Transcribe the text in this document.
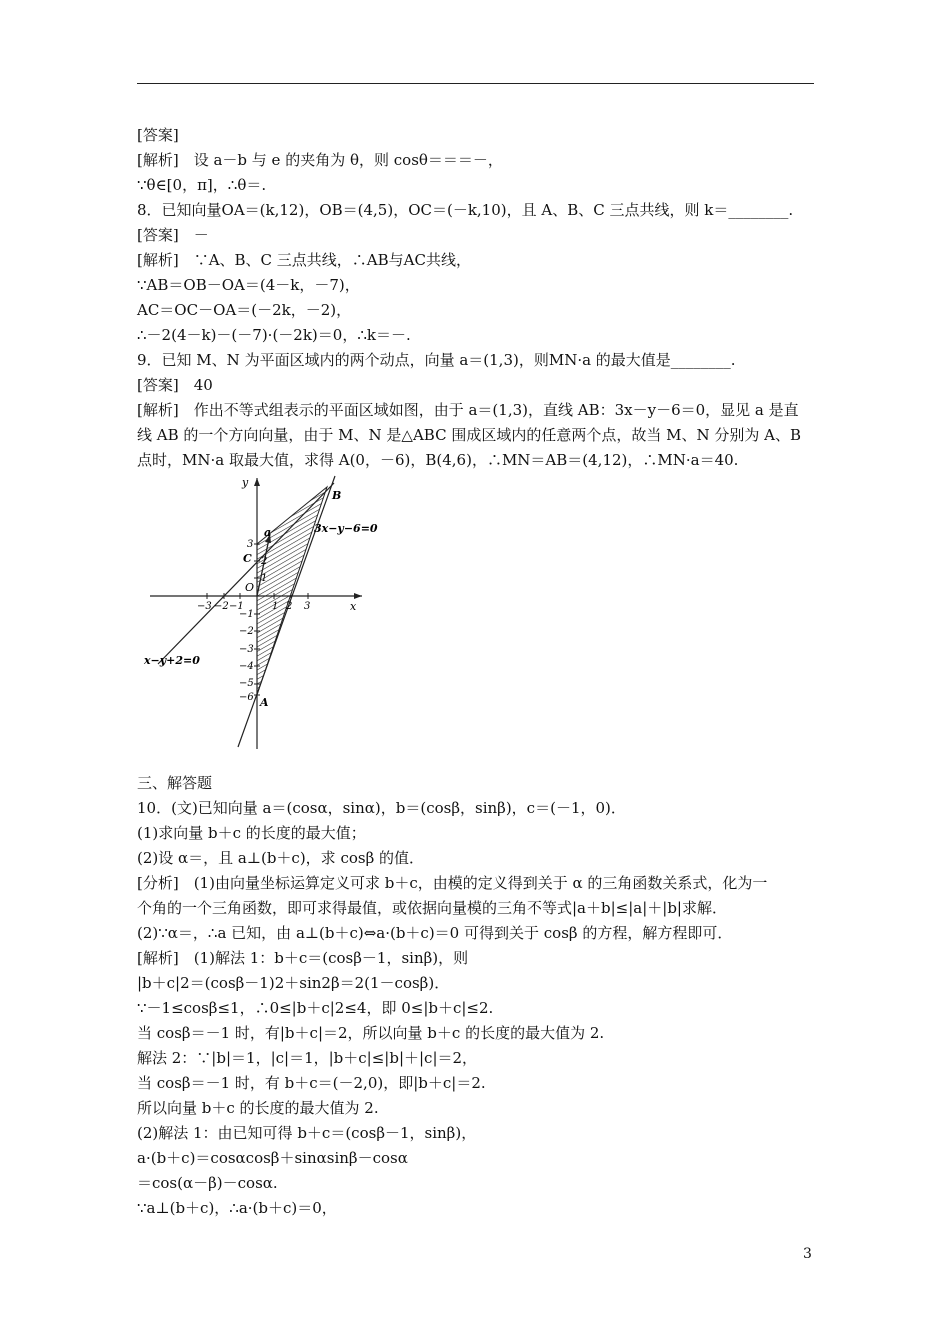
[答案]
[解析]　设 a－b 与 e 的夹角为 θ，则 cosθ＝＝＝－，
∵θ∈[0，π]，∴θ＝.
8．已知向量OA＝(k,12)，OB＝(4,5)，OC＝(－k,10)，且 A、B、C 三点共线，则 k＝________.
[答案]　－
[解析]　∵A、B、C 三点共线，∴AB与AC共线，
∵AB＝OB－OA＝(4－k，－7)，
AC＝OC－OA＝(－2k，－2)，
∴－2(4－k)－(－7)·(－2k)＝0，∴k＝－.
9．已知 M、N 为平面区域内的两个动点，向量 a＝(1,3)，则MN·a 的最大值是________.
[答案]　40
[解析]　作出不等式组表示的平面区域如图，由于 a＝(1,3)，直线 AB：3x－y－6＝0，显见 a 是直
线 AB 的一个方向向量，由于 M、N 是△ABC 围成区域内的任意两个点，故当 M、N 分别为 A、B
点时，MN·a 取最大值，求得 A(0，－6)，B(4,6)，∴MN＝AB＝(4,12)，∴MN·a＝40.
y
x
O
B
C
A
a	3x−y−6=0
x−y+2=0
−3 −2 −1	1 2 3
3
2
1
−1
−2
−3
−4
−5
−6
三、解答题
10．(文)已知向量 a＝(cosα，sinα)，b＝(cosβ，sinβ)，c＝(－1，0)．
(1)求向量 b＋c 的长度的最大值；
(2)设 α＝，且 a⊥(b＋c)，求 cosβ 的值．
[分析]　(1)由向量坐标运算定义可求 b＋c，由模的定义得到关于 α 的三角函数关系式，化为一
个角的一个三角函数，即可求得最值，或依据向量模的三角不等式|a＋b|≤|a|＋|b|求解．
(2)∵α＝，∴a 已知，由 a⊥(b＋c)⇔a·(b＋c)＝0 可得到关于 cosβ 的方程，解方程即可．
[解析]　(1)解法 1：b＋c＝(cosβ－1，sinβ)，则
|b＋c|2＝(cosβ－1)2＋sin2β＝2(1－cosβ)．
∵－1≤cosβ≤1，∴0≤|b＋c|2≤4，即 0≤|b＋c|≤2.
当 cosβ＝－1 时，有|b＋c|＝2，所以向量 b＋c 的长度的最大值为 2.
解法 2：∵|b|＝1，|c|＝1，|b＋c|≤|b|＋|c|＝2，
当 cosβ＝－1 时，有 b＋c＝(－2,0)，即|b＋c|＝2.
所以向量 b＋c 的长度的最大值为 2.
(2)解法 1：由已知可得 b＋c＝(cosβ－1，sinβ)，
a·(b＋c)＝cosαcosβ＋sinαsinβ－cosα
＝cos(α－β)－cosα.
∵a⊥(b＋c)，∴a·(b＋c)＝0，
3
